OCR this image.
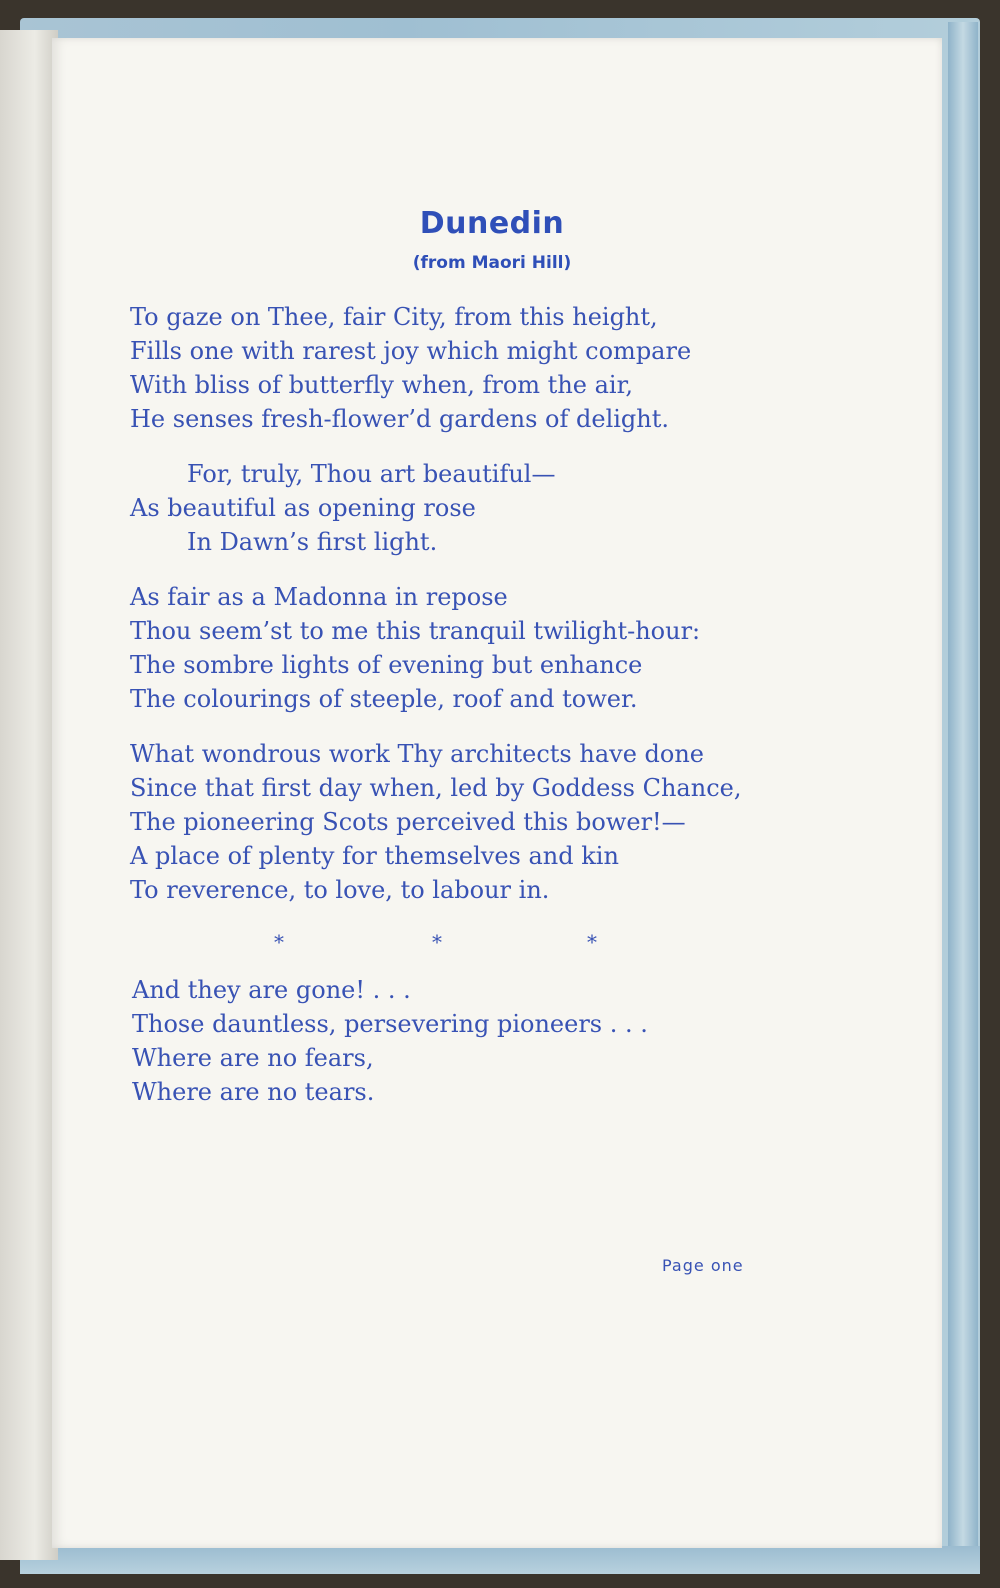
Dunedin
(from Maori Hill)
To gaze on Thee, fair City, from this height,
Fills one with rarest joy which might compare
With bliss of butterfly when, from the air,
He senses fresh-flower’d gardens of delight.
For, truly, Thou art beautiful—
As beautiful as opening rose
In Dawn’s first light.
As fair as a Madonna in repose
Thou seem’st to me this tranquil twilight-hour:
The sombre lights of evening but enhance
The colourings of steeple, roof and tower.
What wondrous work Thy architects have done
Since that first day when, led by Goddess Chance,
The pioneering Scots perceived this bower!—
A place of plenty for themselves and kin
To reverence, to love, to labour in.
*	*	*
And they are gone! . . .
Those dauntless, persevering pioneers . . .
Where are no fears,
Where are no tears.
Page one
